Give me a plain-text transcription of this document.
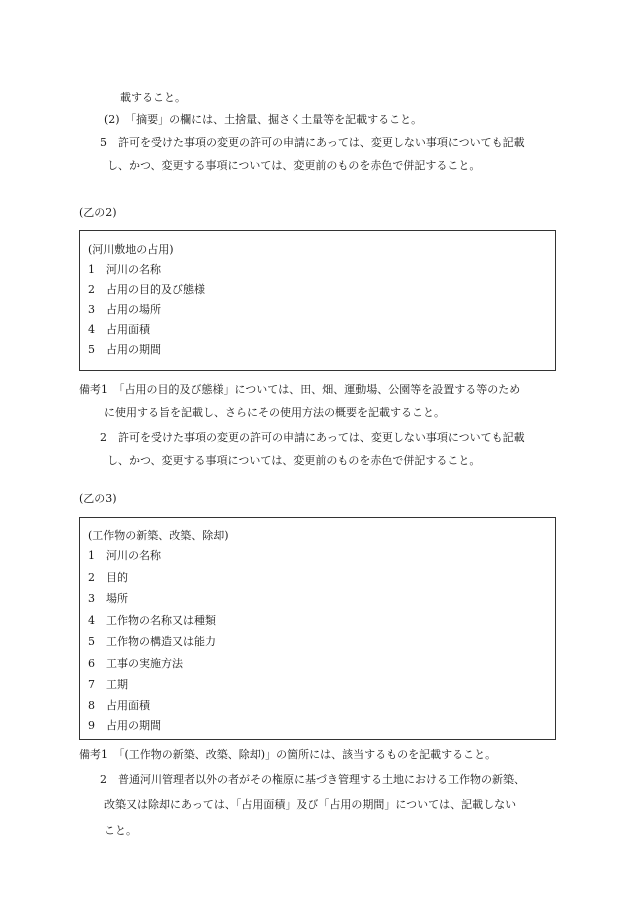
載すること。
(2)　「摘要」の欄には、土捨量、掘さく土量等を記載すること。
5　許可を受けた事項の変更の許可の申請にあっては、変更しない事項についても記載
し、かつ、変更する事項については、変更前のものを赤色で併記すること。
(乙の2)
(河川敷地の占用)
1 河川の名称
2 占用の目的及び態様
3 占用の場所
4 占用面積
5 占用の期間
備考1　「占用の目的及び態様」については、田、畑、運動場、公園等を設置する等のため
に使用する旨を記載し、さらにその使用方法の概要を記載すること。
2　許可を受けた事項の変更の許可の申請にあっては、変更しない事項についても記載
し、かつ、変更する事項については、変更前のものを赤色で併記すること。
(乙の3)
(工作物の新築、改築、除却)
1 河川の名称
2 目的
3 場所
4 工作物の名称又は種類
5 工作物の構造又は能力
6 工事の実施方法
7 工期
8 占用面積
9 占用の期間
備考1　「(工作物の新築、改築、除却)」の箇所には、該当するものを記載すること。
2　普通河川管理者以外の者がその権原に基づき管理する土地における工作物の新築、
改築又は除却にあっては、「占用面積」及び「占用の期間」については、記載しない
こと。
